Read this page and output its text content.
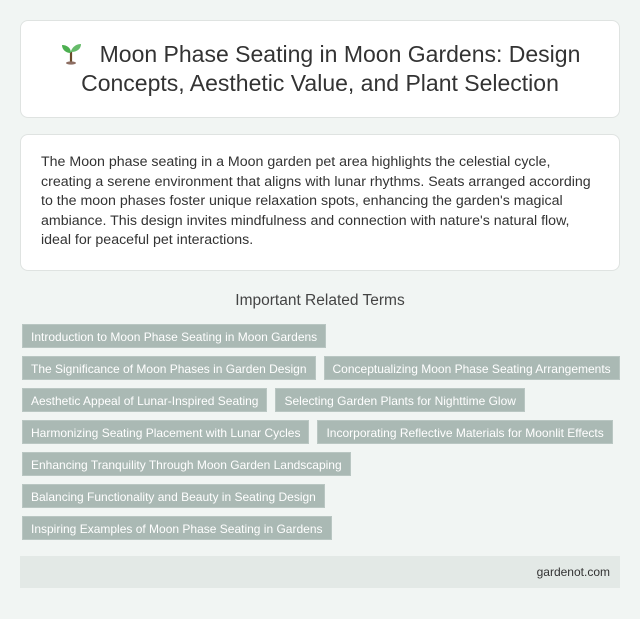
Moon Phase Seating in Moon Gardens: Design Concepts, Aesthetic Value, and Plant Selection

The Moon phase seating in a Moon garden pet area highlights the celestial cycle, creating a serene environment that aligns with lunar rhythms. Seats arranged according to the moon phases foster unique relaxation spots, enhancing the garden's magical ambiance. This design invites mindfulness and connection with nature's natural flow, ideal for peaceful pet interactions.

Important Related Terms
Introduction to Moon Phase Seating in Moon Gardens
The Significance of Moon Phases in Garden Design	Conceptualizing Moon Phase Seating Arrangements
Aesthetic Appeal of Lunar-Inspired Seating	Selecting Garden Plants for Nighttime Glow
Harmonizing Seating Placement with Lunar Cycles	Incorporating Reflective Materials for Moonlit Effects
Enhancing Tranquility Through Moon Garden Landscaping
Balancing Functionality and Beauty in Seating Design
Inspiring Examples of Moon Phase Seating in Gardens
gardenot.com
